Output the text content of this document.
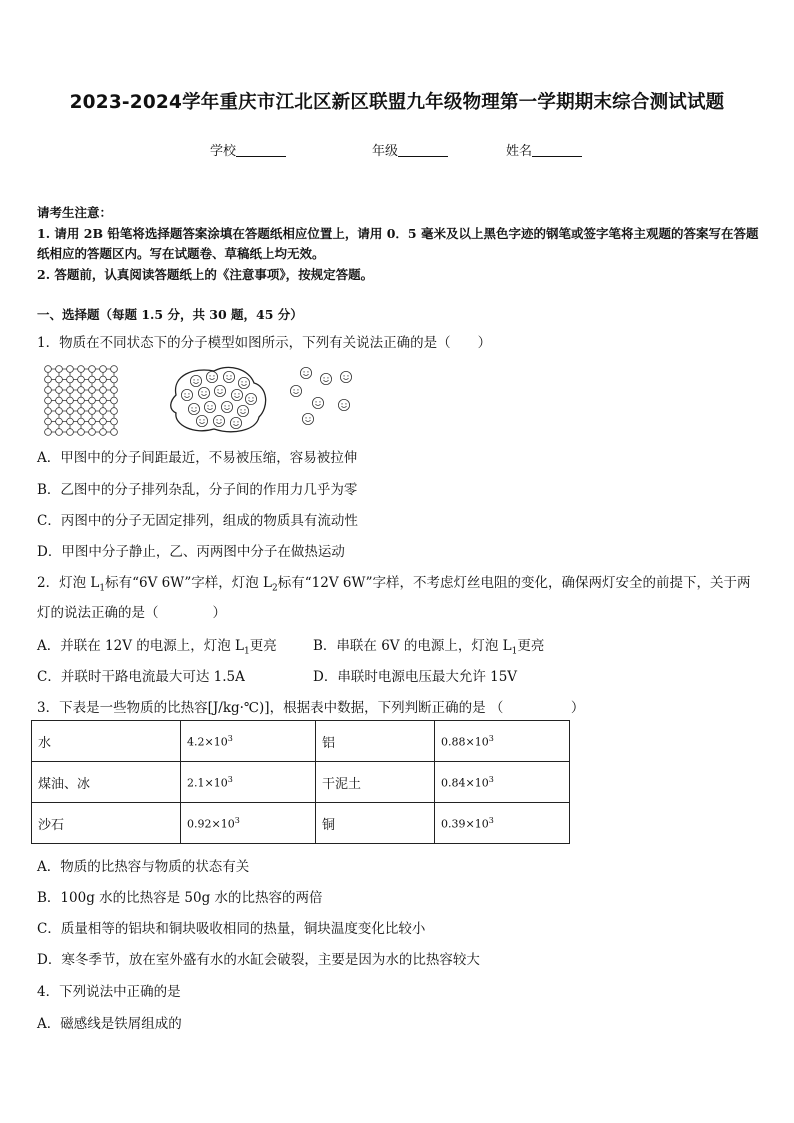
2023-2024学年重庆市江北区新区联盟九年级物理第一学期期末综合测试试题
学校	年级	姓名

请考生注意：

1. 请用 2B 铅笔将选择题答案涂填在答题纸相应位置上，请用 0．5 毫米及以上黑色字迹的钢笔或签字笔将主观题的答案写在答题纸相应的答题区内。写在试题卷、草稿纸上均无效。

2. 答题前，认真阅读答题纸上的《注意事项》，按规定答题。

一、选择题（每题 1.5 分，共 30 题，45 分）
1．物质在不同状态下的分子模型如图所示，下列有关说法正确的是（　　）
A．甲图中的分子间距最近，不易被压缩，容易被拉伸
B．乙图中的分子排列杂乱，分子间的作用力几乎为零
C．丙图中的分子无固定排列，组成的物质具有流动性
D．甲图中分子静止，乙、丙两图中分子在做热运动
2．灯泡 $L_1$标有“6V 6W”字样，灯泡 $L_2$标有“12V 6W”字样，不考虑灯丝电阻的变化，确保两灯安全的前提下，关于两灯的说法正确的是（　　　　）
A．并联在 12V 的电源上，灯泡 $L_1$更亮	B．串联在 6V 的电源上，灯泡 $L_1$更亮
C．并联时干路电流最大可达 1.5A	D．串联时电源电压最大允许 15V
3．下表是一些物质的比热容[J/kg·℃)]，根据表中数据，下列判断正确的是 （　　　　　）
水	$4.2\times 10^3$	铝	$0.88\times 10^3$
煤油、冰	$2.1\times 10^3$	干泥土	$0.84\times 10^3$
沙石	$0.92\times 10^3$	铜	$0.39\times 10^3$
A．物质的比热容与物质的状态有关
B．100g 水的比热容是 50g 水的比热容的两倍
C．质量相等的铝块和铜块吸收相同的热量，铜块温度变化比较小
D．寒冬季节，放在室外盛有水的水缸会破裂，主要是因为水的比热容较大
4．下列说法中正确的是
A．磁感线是铁屑组成的
